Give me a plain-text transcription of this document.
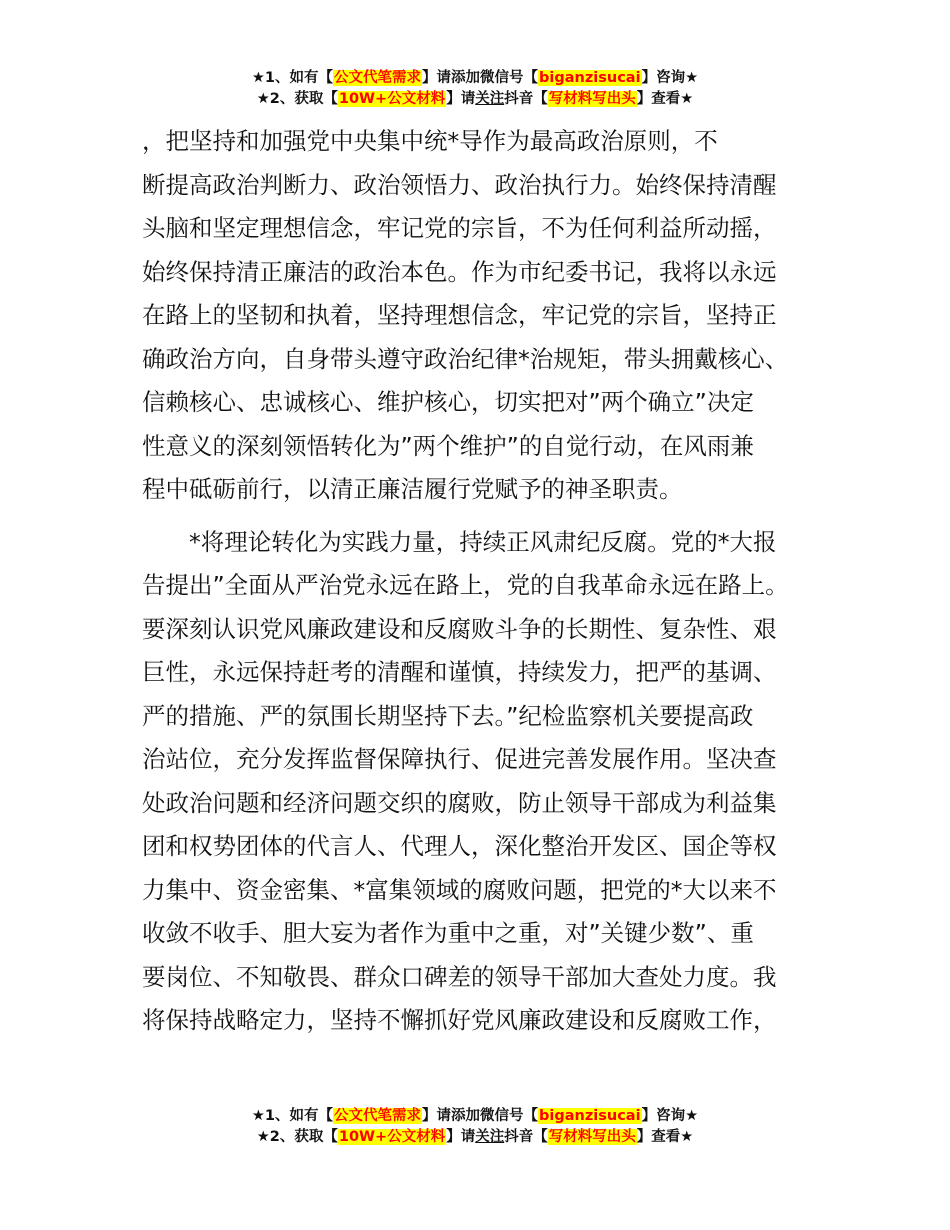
★1、如有【公文代笔需求】请添加微信号【biganzisucai】咨询★
★2、获取【10W+公文材料】请关注抖音【写材料写出头】查看★

，把坚持和加强党中央集中统*导作为最高政治原则，不
断提高政治判断力、政治领悟力、政治执行力。始终保持清醒
头脑和坚定理想信念，牢记党的宗旨，不为任何利益所动摇，
始终保持清正廉洁的政治本色。作为市纪委书记，我将以永远
在路上的坚韧和执着，坚持理想信念，牢记党的宗旨，坚持正
确政治方向，自身带头遵守政治纪律*治规矩，带头拥戴核心、
信赖核心、忠诚核心、维护核心，切实把对”两个确立”决定
性意义的深刻领悟转化为”两个维护”的自觉行动，在风雨兼
程中砥砺前行，以清正廉洁履行党赋予的神圣职责。

*将理论转化为实践力量，持续正风肃纪反腐。党的*大报
告提出”全面从严治党永远在路上，党的自我革命永远在路上。
要深刻认识党风廉政建设和反腐败斗争的长期性、复杂性、艰
巨性，永远保持赶考的清醒和谨慎，持续发力，把严的基调、
严的措施、严的氛围长期坚持下去。”纪检监察机关要提高政
治站位，充分发挥监督保障执行、促进完善发展作用。坚决查
处政治问题和经济问题交织的腐败，防止领导干部成为利益集
团和权势团体的代言人、代理人，深化整治开发区、国企等权
力集中、资金密集、*富集领域的腐败问题，把党的*大以来不
收敛不收手、胆大妄为者作为重中之重，对”关键少数”、重
要岗位、不知敬畏、群众口碑差的领导干部加大查处力度。我
将保持战略定力，坚持不懈抓好党风廉政建设和反腐败工作，

★1、如有【公文代笔需求】请添加微信号【biganzisucai】咨询★
★2、获取【10W+公文材料】请关注抖音【写材料写出头】查看★
